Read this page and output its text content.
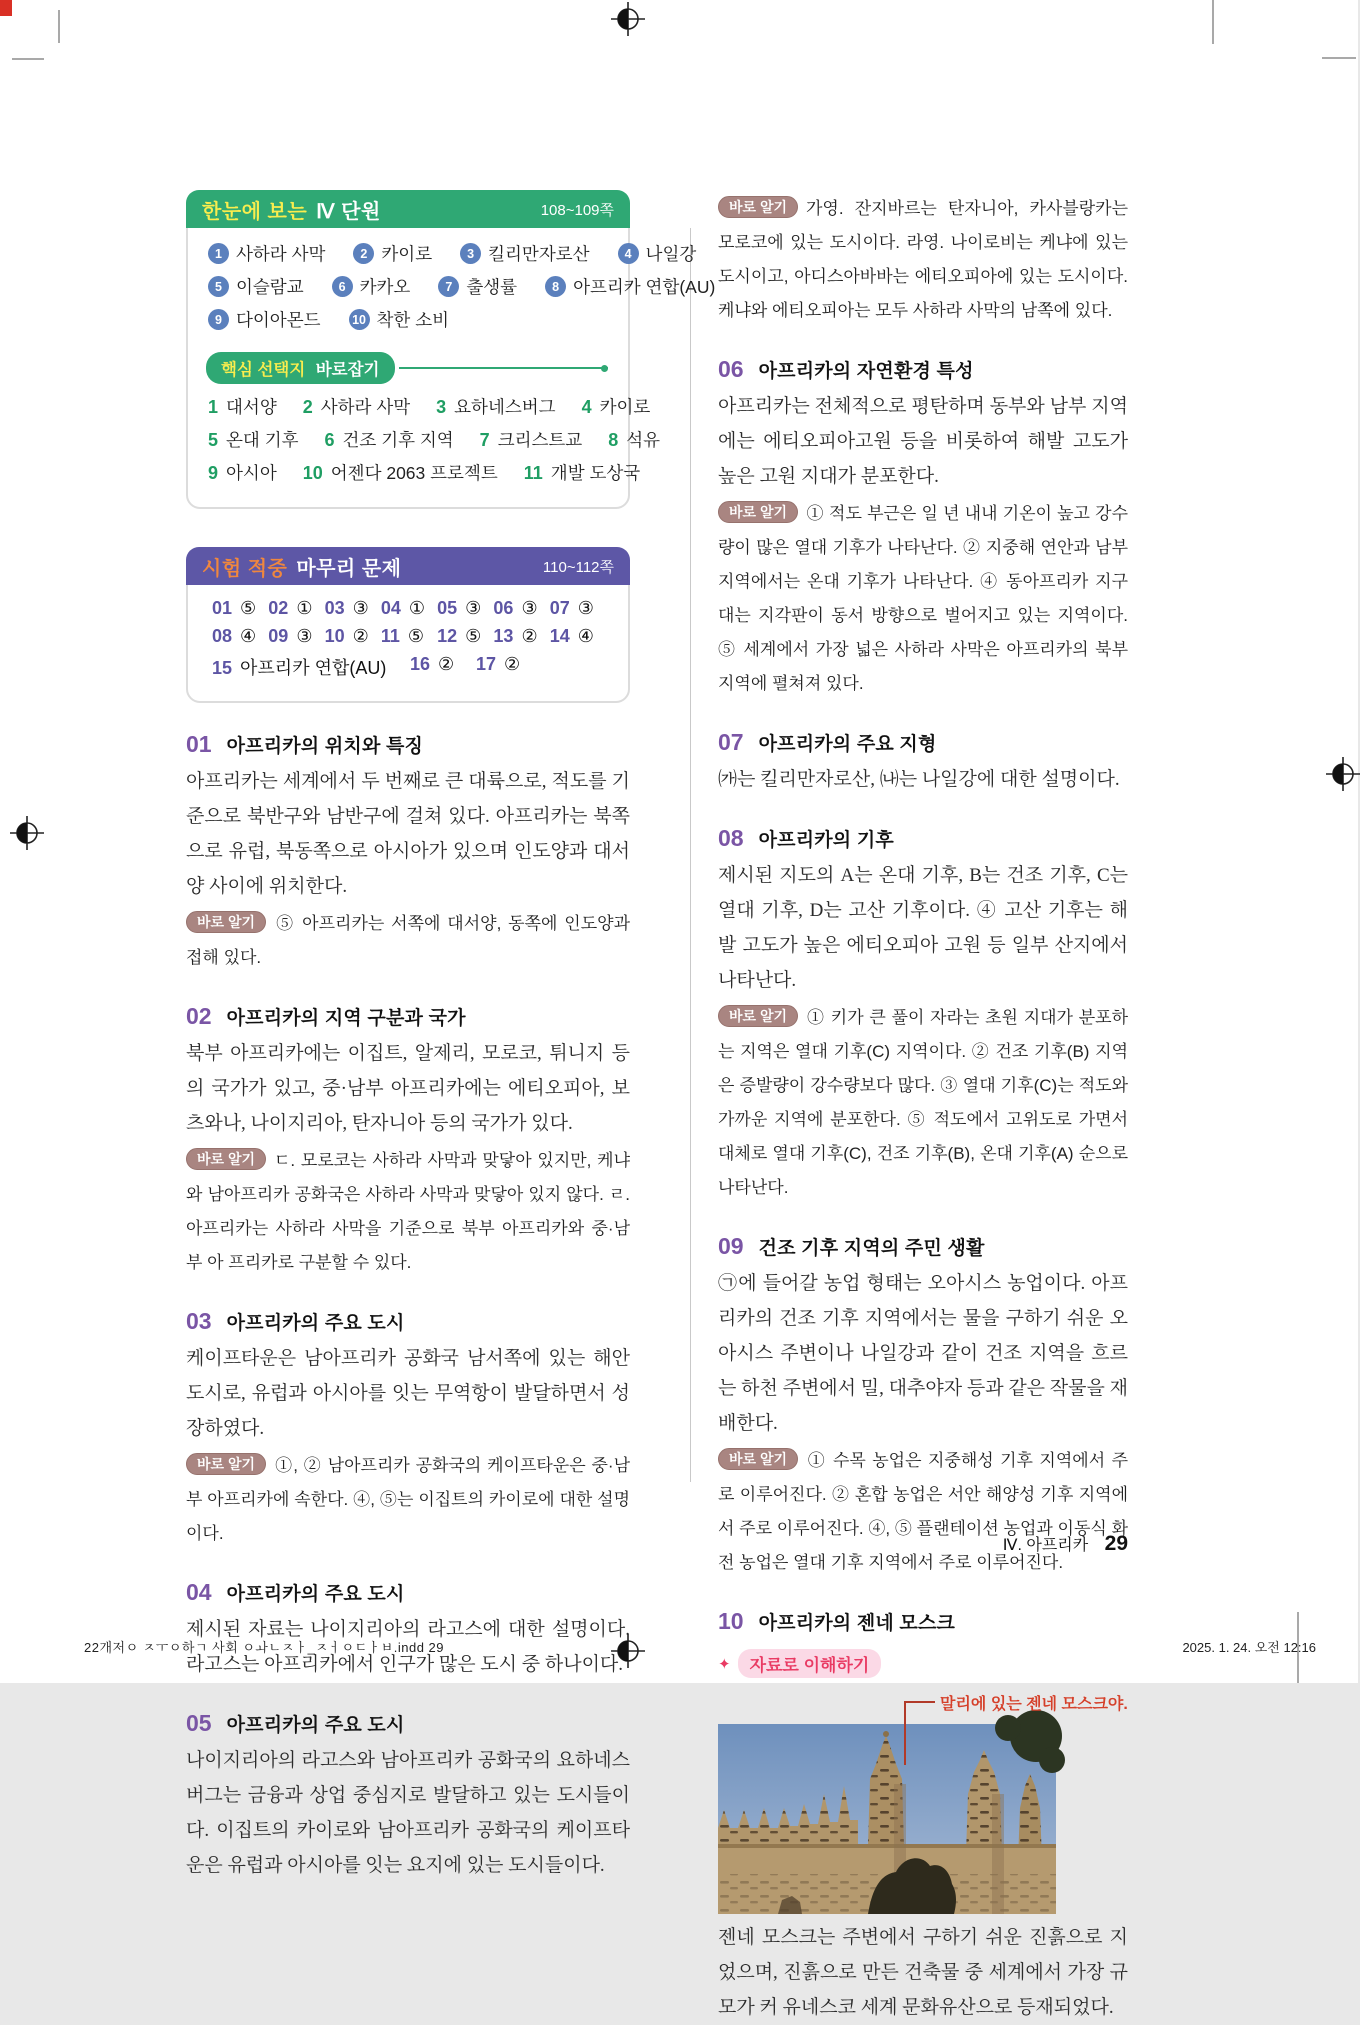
한눈에 보는 Ⅳ 단원	108~109쪽
1 사하라 사막	2 카이로	3 킬리만자로산	4 나일강
5 이슬람교	6 카카오	7 출생률	8 아프리카 연합(AU)
9 다이아몬드	10 착한 소비
핵심 선택지 바로잡기
1 대서양 2 사하라 사막 3 요하네스버그 4 카이로
5 온대 기후 6 건조 기후 지역 7 크리스트교 8 석유
9 아시아 10 어젠다 2063 프로젝트 11 개발 도상국
시험 적중 마무리 문제	110~112쪽
01 ⑤ 02 ① 03 ③ 04 ① 05 ③ 06 ③ 07 ③
08 ④ 09 ③ 10 ② 11 ⑤ 12 ⑤ 13 ② 14 ④
15 아프리카 연합(AU)	16 ②	17 ②
01 아프리카의 위치와 특징

아프리카는 세계에서 두 번째로 큰 대륙으로, 적도를 기준으로 북반구와 남반구에 걸쳐 있다. 아프리카는 북쪽으로 유럽, 북동쪽으로 아시아가 있으며 인도양과 대서양 사이에 위치한다.

바로 알기 ⑤ 아프리카는 서쪽에 대서양, 동쪽에 인도양과 접해 있다.

02 아프리카의 지역 구분과 국가

북부 아프리카에는 이집트, 알제리, 모로코, 튀니지 등의 국가가 있고, 중·남부 아프리카에는 에티오피아, 보츠와나, 나이지리아, 탄자니아 등의 국가가 있다.

바로 알기 ㄷ. 모로코는 사하라 사막과 맞닿아 있지만, 케냐와 남아프리카 공화국은 사하라 사막과 맞닿아 있지 않다. ㄹ. 아프리카는 사하라 사막을 기준으로 북부 아프리카와 중·남부 아 프리카로 구분할 수 있다.

03 아프리카의 주요 도시

케이프타운은 남아프리카 공화국 남서쪽에 있는 해안 도시로, 유럽과 아시아를 잇는 무역항이 발달하면서 성장하였다.

바로 알기 ①, ② 남아프리카 공화국의 케이프타운은 중·남부 아프리카에 속한다. ④, ⑤는 이집트의 카이로에 대한 설명이다.

04 아프리카의 주요 도시

제시된 자료는 나이지리아의 라고스에 대한 설명이다. 라고스는 아프리카에서 인구가 많은 도시 중 하나이다.

05 아프리카의 주요 도시

나이지리아의 라고스와 남아프리카 공화국의 요하네스버그는 금융과 상업 중심지로 발달하고 있는 도시들이다. 이집트의 카이로와 남아프리카 공화국의 케이프타운은 유럽과 아시아를 잇는 요지에 있는 도시들이다.

바로 알기 가영. 잔지바르는 탄자니아, 카사블랑카는 모로코에 있는 도시이다. 라영. 나이로비는 케냐에 있는 도시이고, 아디스아바바는 에티오피아에 있는 도시이다. 케냐와 에티오피아는 모두 사하라 사막의 남쪽에 있다.

06 아프리카의 자연환경 특성

아프리카는 전체적으로 평탄하며 동부와 남부 지역에는 에티오피아고원 등을 비롯하여 해발 고도가 높은 고원 지대가 분포한다.

바로 알기 ① 적도 부근은 일 년 내내 기온이 높고 강수량이 많은 열대 기후가 나타난다. ② 지중해 연안과 남부 지역에서는 온대 기후가 나타난다. ④ 동아프리카 지구대는 지각판이 동서 방향으로 벌어지고 있는 지역이다. ⑤ 세계에서 가장 넓은 사하라 사막은 아프리카의 북부 지역에 펼쳐져 있다.

07 아프리카의 주요 지형

㈎는 킬리만자로산, ㈏는 나일강에 대한 설명이다.

08 아프리카의 기후

제시된 지도의 A는 온대 기후, B는 건조 기후, C는 열대 기후, D는 고산 기후이다. ④ 고산 기후는 해발 고도가 높은 에티오피아 고원 등 일부 산지에서 나타난다.

바로 알기 ① 키가 큰 풀이 자라는 초원 지대가 분포하는 지역은 열대 기후(C) 지역이다. ② 건조 기후(B) 지역은 증발량이 강수량보다 많다. ③ 열대 기후(C)는 적도와 가까운 지역에 분포한다. ⑤ 적도에서 고위도로 가면서 대체로 열대 기후(C), 건조 기후(B), 온대 기후(A) 순으로 나타난다.

09 건조 기후 지역의 주민 생활

㉠에 들어갈 농업 형태는 오아시스 농업이다. 아프리카의 건조 기후 지역에서는 물을 구하기 쉬운 오아시스 주변이나 나일강과 같이 건조 지역을 흐르는 하천 주변에서 밀, 대추야자 등과 같은 작물을 재배한다.

바로 알기 ① 수목 농업은 지중해성 기후 지역에서 주로 이루어진다. ② 혼합 농업은 서안 해양성 기후 지역에서 주로 이루어진다. ④, ⑤ 플랜테이션 농업과 이동식 화전 농업은 열대 기후 지역에서 주로 이루어진다.

10 아프리카의 젠네 모스크
✦	자료로 이해하기
말리에 있는 젠네 모스크야.

젠네 모스크는 주변에서 구하기 쉬운 진흙으로 지었으며, 진흙으로 만든 건축물 중 세계에서 가장 규모가 커 유네스코 세계 문화유산으로 등재되었다.

Ⅳ. 아프리카 29
22개저ㅇ ㅈㅜㅇ하ㄱ 사회 ㅇㅘㄴㅈㅏ_ㅈㅓㅇㄷㅏㅂ.indd 29	2025. 1. 24. 오전 12:16
